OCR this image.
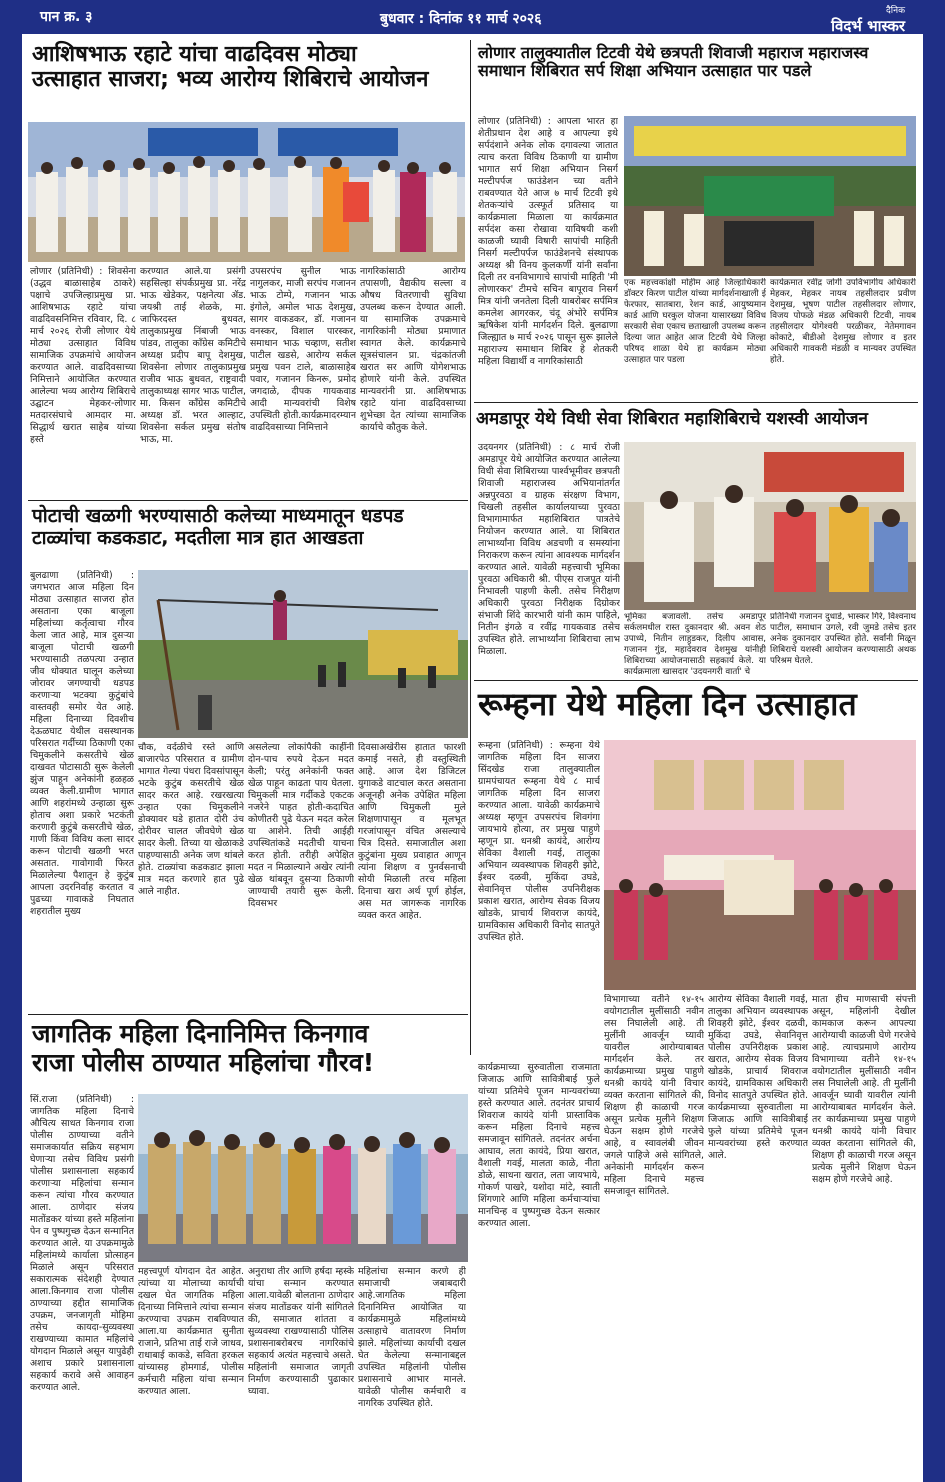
पान क्र. ३	बुधवार : दिनांक ११ मार्च २०२६	दैनिक
विदर्भ भास्कर
आशिषभाऊ रहाटे यांचा वाढदिवस मोठ्या
उत्साहात साजरा; भव्य आरोग्य शिबिराचे आयोजन
लोणार (प्रतिनिधी) : शिवसेना (उद्धव बाळासाहेब ठाकरे) पक्षाचे उपजिल्हाप्रमुख प्रा. आशिषभाऊ रहाटे यांचा वाढदिवसनिमित्त रविवार, दि. ८ मार्च २०२६ रोजी लोणार येथे मोठ्या उत्साहात विविध सामाजिक उपक्रमांचे आयोजन करण्यात आले. वाढदिवसाच्या निमित्ताने आयोजित करण्यात आलेल्या भव्य आरोग्य शिबिराचे उद्घाटन मेहकर-लोणार मतदारसंघाचे आमदार मा. सिद्धार्थ खरात साहेब यांच्या हस्ते
करण्यात आले.या प्रसंगी सहसिल्हा संपर्कप्रमुख प्रा. नरेंद्र भाऊ खेडेकर, पक्षनेत्या ॲड. जयश्री ताई शेळके, मा. जाफिरदस्त बुधवत, तालुकाप्रमुख निंबाजी भाऊ पांडव, तालुका काँग्रेस कमिटीचे अध्यक्ष प्रदीप बापू देशमुख, शिवसेना लोणार तालुकाप्रमुख राजीव भाऊ बुधवत, राष्ट्रवादी तालुकाध्यक्ष सागर भाऊ पाटील, मा. किसन काँग्रेस कमिटीचे अध्यक्ष डॉ. भरत आल्हाट, शिवसेना सर्कल प्रमुख संतोष भाऊ, मा.
उपसरपंच सुनील भाऊ नागुलकर, माजी सरपंच गजानन भाऊ टोम्पे, गजानन भाऊ इंगोले, अमोल भाऊ देशमुख, सागर वाकडकर, डॉ. गजानन वनस्कर, विशाल पारस्कर, समाधान भाऊ चव्हाण, सतीश पाटील खडसे, आरोग्य सर्कल प्रमुख पवन टाले, बाळासाहेब पवार, गजानन किनरू, प्रमोद जगदाळे, दीपक गायकवाड आदी मान्यवरांची विशेष उपस्थिती होती.कार्यक्रमादरम्यान वाढदिवसाच्या निमित्ताने
नागरिकांसाठी आरोग्य तपासणी, वैद्यकीय सल्ला व औषध वितरणाची सुविधा उपलब्ध करून देण्यात आली. या सामाजिक उपक्रमाचे नागरिकांनी मोठ्या प्रमाणात स्वागत केले. कार्यक्रमाचे सूत्रसंचालन प्रा. चंद्रकांतजी खरात सर आणि योगेशभाऊ होणारे यांनी केले. उपस्थित मान्यवरांनी प्रा. आशिषभाऊ रहाटे यांना वाढदिवसाच्या शुभेच्छा देत त्यांच्या सामाजिक कार्याचे कौतुक केले.
लोणार तालुक्यातील टिटवी येथे छत्रपती शिवाजी महाराज महाराजस्व
समाधान शिबिरात सर्प शिक्षा अभियान उत्साहात पार पडले
लोणार (प्रतिनिधी) : आपला भारत हा शेतीप्रधान देश आहे व आपल्या इथे सर्पदंशाने अनेक लोक दगावल्या जातात त्याच करता विविध ठिकाणी या ग्रामीण भागात सर्प शिक्षा अभियान निसर्ग मल्टीपर्पज फाउंडेशन च्या वतीने राबवण्यात येते आज ७ मार्च टिटवी इथे शेतकऱ्यांचे उत्स्फूर्त प्रतिसाद या कार्यक्रमाला मिळाला या कार्यक्रमात सर्पदंश कसा रोखावा याविषयी कशी काळजी घ्यावी विषारी सापांची माहिती निसर्ग मल्टीपर्पज फाउंडेशनचे संस्थापक अध्यक्ष श्री विनय कुलकर्णी यांनी सर्वांना दिली तर वनविभागाचे सापांची माहिती 'मी लोणारकर' टीमचे सचिन बापूराव निसर्ग मित्र यांनी जनतेला दिली याबरोबर सर्पमित्र कमलेश आगरकर, चंदू अंभोरे सर्पमित्र ऋषिकेश यांनी मार्गदर्शन दिले. बुलढाणा जिल्ह्यात ७ मार्च २०२६ पासून सुरू झालेले महाराज्य समाधान शिबिर हे शेतकरी महिला विद्यार्थी व नागरिकांसाठी
एक महत्त्वकांक्षी मोहीम आहे जिल्हाधिकारी डॉक्टर किरण पाटील यांच्या मार्गदर्शनाखाली ई फेरफार, सातबारा, रेशन कार्ड, आयुष्यमान कार्ड आणि घरकुल योजना यासारख्या विविध सरकारी सेवा एकाच छताखाली उपलब्ध करून दिल्या जात आहेत आज टिटवी येथे जिल्हा परिषद शाळा येथे हा कार्यक्रम मोठ्या उत्साहात पार पडला
कार्यक्रमात रवींद्र जोगी उपविभागीय अधिकारी मेहकर, मेहकर नायब तहसीलदार प्रवीण देशमुख, भूषण पाटील तहसीलदार लोणार, विजय पोफळे मंडळ अधिकारी टिटवी, नायब तहसीलदार योगेश्वरी परळीकर, नेतेमगावन कोकाटे, बीडीओ देशमुख लोणार व इतर अधिकारी गावकरी मंडळी व मान्यवर उपस्थित होते.
अमडापूर येथे विधी सेवा शिबिरात महाशिबिराचे यशस्वी आयोजन
उदयनगर (प्रतिनिधी) : ८ मार्च रोजी अमडापूर येथे आयोजित करण्यात आलेल्या विधी सेवा शिबिराच्या पार्श्वभूमीवर छत्रपती शिवाजी महाराजस्व अभियानांतर्गत अन्नपुरवठा व ग्राहक संरक्षण विभाग, चिखली तहसील कार्यालयाच्या पुरवठा विभागामार्फत महाशिबिरात पात्रतेचे नियोजन करण्यात आले. या शिबिरात लाभार्थ्यांना विविध अडचणी व समस्यांना निराकरण करून त्यांना आवश्यक मार्गदर्शन करण्यात आले. यावेळी महत्त्वाची भूमिका पुरवठा अधिकारी श्री. पीएस राजपूत यांनी निभावली पाहणी केली. तसेच निरीक्षण अधिकारी पुरवठा निरीक्षक दिग्रोकर संभाजी शिंदे कारभारी यांनी काम पाहिले, नितीन इंगळे व रवींद्र गायकवाड तसेच उपस्थित होते. लाभार्थ्यांना शिबिराचा लाभ मिळाला.
भूमिका बजावली. तसेच अमडापूर सर्कलमधील रास्त दुकानदार श्री. अवन शेठ उपाध्ये, नितीन लाहुडकर, दिलीप आवास, गजानन गुंड, महादेवराव देशमुख यांनीही शिबिराच्या आयोजनासाठी सहकार्य केले. या कार्यक्रमाला खासदार 'उदयनगरी वार्ता' चे
प्रतिनिधी गजानन दुधाडे, भास्कर गिरे, विश्वनाथ पाटील, समाधान उगले, रवी जुमडे तसेच इतर अनेक दुकानदार उपस्थित होते. सर्वांनी मिळून शिबिराचे यशस्वी आयोजन करण्यासाठी अथक परिश्रम घेतले.
पोटाची खळगी भरण्यासाठी कलेच्या माध्यमातून धडपड
टाळ्यांचा कडकडाट, मदतीला मात्र हात आखडता
बुलढाणा (प्रतिनिधी) : जगभरात आज महिला दिन मोठ्या उत्साहात साजरा होत असताना एका बाजूला महिलांच्या कर्तृत्वाचा गौरव केला जात आहे, मात्र दुसऱ्या बाजूला पोटाची खळगी भरण्यासाठी तळपत्या उन्हात जीव धोक्यात घालून कलेच्या जोरावर जगण्याची धडपड करणाऱ्या भटक्या कुटुंबांचे वास्तवही समोर येत आहे. महिला दिनाच्या दिवशीच देऊळघाट येथील वसस्थानक परिसरात गर्दीच्या ठिकाणी एका चिमुकलीने कसरतीचे खेळ दाखवत पोटासाठी सुरू केलेली झुंज पाहून अनेकांनी हळहळ व्यक्त केली.ग्रामीण भागात आणि शहरांमध्ये उन्हाळा सुरू होताच अशा प्रकारे भटकंती करणारी कुटुंबे कसरतीचे खेळ, गाणी किंवा विविध कला सादर करून पोटाची खळगी भरत असतात. गावोगावी फिरत मिळालेल्या पैशातून हे कुटुंब आपला उदरनिर्वाह करतात व पुढच्या गावाकडे निघतात शहरातील मुख्य
चौक, वर्दळीचे रस्ते आणि बाजारपेठ परिसरात व ग्रामीण भागात गेल्या पंधरा दिवसांपासून भटके कुटुंब कसरतीचे खेळ सादर करत आहे. रखरखत्या उन्हात एका चिमुकलीने डोक्यावर घडे हातात दोरी उंच दोरीवर चालत जीवघेणे खेळ सादर केली. तिच्या या खेळाकडे पाहण्यासाठी अनेक जण थांबले होते. टाळ्यांचा कडकडाट झाला मात्र मदत करणारे हात पुढे आले नाहीत.
असलेल्या लोकांपैकी काहींनी दोन-पाच रुपये देऊन मदत केली; परंतु अनेकांनी फक्त खेळ पाहून काढता पाय घेतला. चिमुकली मात्र गर्दीकडे एकटक नजरेने पाहत होती-कदाचित कोणीतरी पुढे येऊन मदत करेल या आशेने. तिची आईही उपस्थितांकडे मदतीची याचना करत होती. तरीही अपेक्षित मदत न मिळाल्याने अखेर त्यांनी खेळ थांबवून दुसऱ्या ठिकाणी जाण्याची तयारी सुरू केली. दिवसभर
दिवसाअखेरीस हातात फारशी कमाई नसते, ही वस्तुस्थिती आहे. आज देश डिजिटल युगाकडे वाटचाल करत असताना अजूनही अनेक उपेक्षित महिला आणि चिमुकली मुले शिक्षणापासून व मूलभूत गरजांपासून वंचित असल्याचे चित्र दिसते. समाजातील अशा कुटुंबांना मुख्य प्रवाहात आणून त्यांना शिक्षण व पुनर्वसनाची सोयी मिळाली तरच महिला दिनाचा खरा अर्थ पूर्ण होईल, अस मत जागरूक नागरिक व्यक्त करत आहेत.
रूम्हना येथे महिला दिन उत्साहात
रूम्हना (प्रतिनिधी) : रूम्हना येथे जागतिक महिला दिन साजरा सिंदखेड राजा तालुक्यातील ग्रामपंचायत रूम्हना येथे ८ मार्च जागतिक महिला दिन साजरा करण्यात आला. यावेळी कार्यक्रमाचे अध्यक्ष म्हणून उपसरपंच शिवगंगा जायभाये होत्या, तर प्रमुख पाहुणे म्हणून प्रा. धनश्री कायंदे, आरोग्य सेविका वैशाली गवई, तालुका अभियान व्यवस्थापक शिवहरी झोटे, ईश्वर दळवी, मुकिंदा उघडे, सेवानिवृत्त पोलीस उपनिरीक्षक प्रकाश खरात, आरोग्य सेवक विजय खोडके, प्राचार्य शिवराज कायंदे, ग्रामविकास अधिकारी विनोद सातपुते उपस्थित होते.
कार्यक्रमाच्या सुरुवातीला राजमाता जिजाऊ आणि सावित्रीबाई फुले यांच्या प्रतिमेचे पूजन मान्यवरांच्या हस्ते करण्यात आले. तदनंतर प्राचार्य शिवराज कायंदे यांनी प्रास्ताविक करून महिला दिनाचे महत्त्व समजावून सांगितले. तदनंतर अर्चना आघाव, लता कायंदे, प्रिया खरात, वैशाली गवई, मालता काळे, नीता डोळे, साधना खरात, लता जायभाये, गोकर्ण पाखरे, यशोदा मांटे, स्वाती शिंगणारे आणि महिला कर्मचाऱ्यांचा मानचिन्ह व पुष्पगुच्छ देऊन सत्कार करण्यात आला.
विभागाच्या वतीने १४-१५ वयोगटातील मुलींसाठी नवीन लस निघालेली आहे. ती मुलींनी आवर्जून घ्यावी यावरील आरोग्याबाबत मार्गदर्शन केले. तर कार्यक्रमाच्या प्रमुख पाहुणे धनश्री कायंदे यांनी विचार व्यक्त करताना सांगितले की, शिक्षण ही काळाची गरज असून प्रत्येक मुलीने शिक्षण घेऊन सक्षम होणे गरजेचे आहे, व स्वावलंबी जीवन जगले पाहिजे असे सांगितले, अनेकांनी मार्गदर्शन करून महिला दिनाचे महत्त्व समजावून सांगितले.
आरोग्य सेविका वैशाली गवई, तालुका अभियान व्यवस्थापक शिवहरी झोटे, ईश्वर दळवी, मुकिंदा उघडे, सेवानिवृत्त पोलीस उपनिरीक्षक प्रकाश खरात, आरोग्य सेवक विजय खोडके, प्राचार्य शिवराज कायंदे, ग्रामविकास अधिकारी विनोद सातपुते उपस्थित होते. कार्यक्रमाच्या सुरुवातीला मा जिजाऊ आणि सावित्रीबाई फुले यांच्या प्रतिमेचे पूजन मान्यवरांच्या हस्ते करण्यात आले.
माता हीच माणसाची संपत्ती असून, महिलांनी देखील कामकाज करून आपल्या आरोग्याची काळजी घेणे गरजेचे आहे. त्याचप्रमाणे आरोग्य विभागाच्या वतीने १४-१५ वयोगटातील मुलींसाठी नवीन लस निघालेली आहे. ती मुलींनी आवर्जून घ्यावी यावरील त्यांनी आरोग्याबाबत मार्गदर्शन केले. तर कार्यक्रमाच्या प्रमुख पाहुणे धनश्री कायंदे यांनी विचार व्यक्त करताना सांगितले की, शिक्षण ही काळाची गरज असून प्रत्येक मुलीने शिक्षण घेऊन सक्षम होणे गरजेचे आहे.
जागतिक महिला दिनानिमित्त किनगाव
राजा पोलीस ठाण्यात महिलांचा गौरव!
सिं.राजा (प्रतिनिधी) : जागतिक महिला दिनाचे औचित्य साधत किनगाव राजा पोलीस ठाण्याच्या वतीने समाजकार्यात सक्रिय सहभाग घेणाऱ्या तसेच विविध प्रसंगी पोलीस प्रशासनाला सहकार्य करणाऱ्या महिलांचा सन्मान करून त्यांचा गौरव करण्यात आला. ठाणेदार संजय मातोंडकर यांच्या हस्ते महिलांना पेन व पुष्पगुच्छ देऊन सन्मानित करण्यात आले. या उपक्रमामुळे महिलांमध्ये कार्याला प्रोत्साहन मिळाले असून परिसरात सकारात्मक संदेशही देण्यात आला.किनगाव राजा पोलीस ठाण्याच्या हद्दीत सामाजिक उपक्रम, जनजागृती मोहिमा तसेच कायदा-सुव्यवस्था राखण्याच्या कामात महिलांचे योगदान मिळाले असून यापुढेही अशाच प्रकारे प्रशासनाला सहकार्य करावे असे आवाहन करण्यात आले.
महत्त्वपूर्ण योगदान देत आहेत. त्यांच्या या मोलाच्या कार्याची दखल घेत जागतिक महिला दिनाच्या निमित्ताने त्यांचा सन्मान करण्याचा उपक्रम राबविण्यात आला.या कार्यक्रमात सुनीता राजाने, प्रतिभा ताई राजे जाधव, राधाबाई काकडे, सविता हरकल यांच्यासह होमगार्ड, पोलीस कर्मचारी महिला यांचा सन्मान करण्यात आला.
अनुराधा तीर आणि हर्षदा म्हस्के यांचा सन्मान करण्यात आला.यावेळी बोलताना ठाणेदार संजय मातोंडकर यांनी सांगितले की, समाजात शांतता व सुव्यवस्था राखण्यासाठी पोलिस प्रशासनाबरोबरच नागरिकांचे सहकार्य अत्यंत महत्त्वाचे असते. महिलांनी समाजात जागृती निर्माण करण्यासाठी पुढाकार घ्यावा.
महिलांचा सन्मान करणे ही समाजाची जबाबदारी आहे.जागतिक महिला दिनानिमित्त आयोजित या कार्यक्रमामुळे महिलांमध्ये उत्साहाचे वातावरण निर्माण झाले. महिलांच्या कार्याची दखल घेत केलेल्या सन्मानाबद्दल उपस्थित महिलांनी पोलीस प्रशासनाचे आभार मानले. यावेळी पोलीस कर्मचारी व नागरिक उपस्थित होते.
